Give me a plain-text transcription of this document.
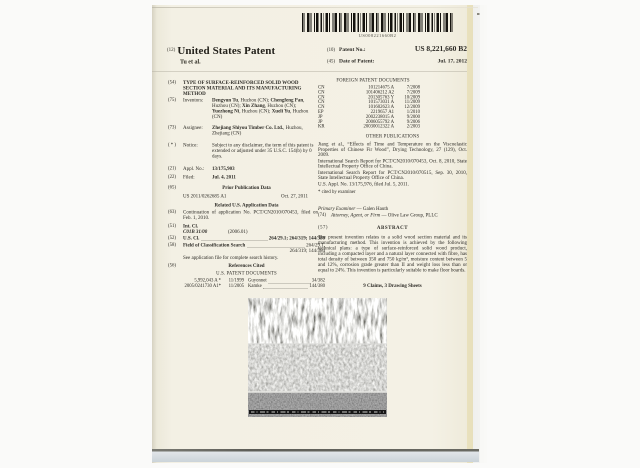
US008221660B2
$^{(12)}$ United States Patent
Tu et al.
(10) Patent No.:	US 8,221,660 B2
(45) Date of Patent:	Jul. 17, 2012
(54) TYPE OF SURFACE-REINFORCED SOLID WOOD SECTION MATERIAL AND ITS MANUFACTURING METHOD
(75) Inventors: Dengyun Tu, Huzhou (CN); Chengfeng Pan, Huzhou (CN); Xin Zhang, Huzhou (CN); Yuezhong Ni, Huzhou (CN); Xueli Yu, Huzhou (CN)
(73) Assignee: Zhejiang Shiyou Timber Co. Ltd., Huzhou, Zhejiang (CN)
( * ) Notice:	Subject to any disclaimer, the term of this patent is extended or adjusted under 35 U.S.C. 154(b) by 0 days.
(21) Appl. No.: 13/175,903
(22) Filed:	Jul. 4, 2011
(65)	Prior Publication Data
US 2011/0262685 A1	Oct. 27, 2011
Related U.S. Application Data
(63) Continuation of application No. PCT/CN2010/070453, filed on Feb. 1, 2010.
(51) Int. Cl.
C01B 31/00	(2006.01)
(52) U.S. Cl.	264/29.1; 264/319; 144/380
(58) Field of Classification Search	264/29.1,
264/319; 144/380
See application file for complete search history.
(56)	References Cited
U.S. PATENT DOCUMENTS
5,992,043 A * 11/1999 Guyonnet	34/382
2005/0241730 A1* 11/2005 Kamke	144/380
FOREIGN PATENT DOCUMENTS
CN	101214675 A	7/2008
CN	101406212 A2	7/2009
CN	201305763 Y	10/2009
CN	101573031 A	11/2009
CN	101602623 A	12/2009
EP	2219657 A1	1/2010
JP	2002238015 A	9/2000
JP	2006055792 A	9/2006
KR	20030012322 A	2/2003
OTHER PUBLICATIONS

Jiang et al., “Effects of Time and Temperature on the Viscoelastic Properties of Chinese Fir Wood”, Drying Technology, 27 (129), Oct. 2009.

International Search Report for PCT/CN2010/070453, Oct. 8, 2010, State Intellectual Property Office of China.

International Search Report for PCT/CN2010/070515, Sep. 30, 2010, State Intellectual Property Office of China.

U.S. Appl. No. 13/175,976, filed Jul. 5, 2011.

* cited by examiner
Primary Examiner — Galen Hauth
(74) Attorney, Agent, or Firm — Olive Law Group, PLLC
(57)	ABSTRACT
The present invention relates to a solid wood section material and its manufacturing method. This invention is achieved by the following technical plans: a type of surface-reinforced solid wood product, including a compacted layer and a natural layer connected with fibre, has total density of between 350 and 750 kg/m³, moisture content between 5 and 12%, corrosion grade greater than II and weight loss less than or equal to 24%. This invention is particularly suitable to make floor boards.
9 Claims, 3 Drawing Sheets
